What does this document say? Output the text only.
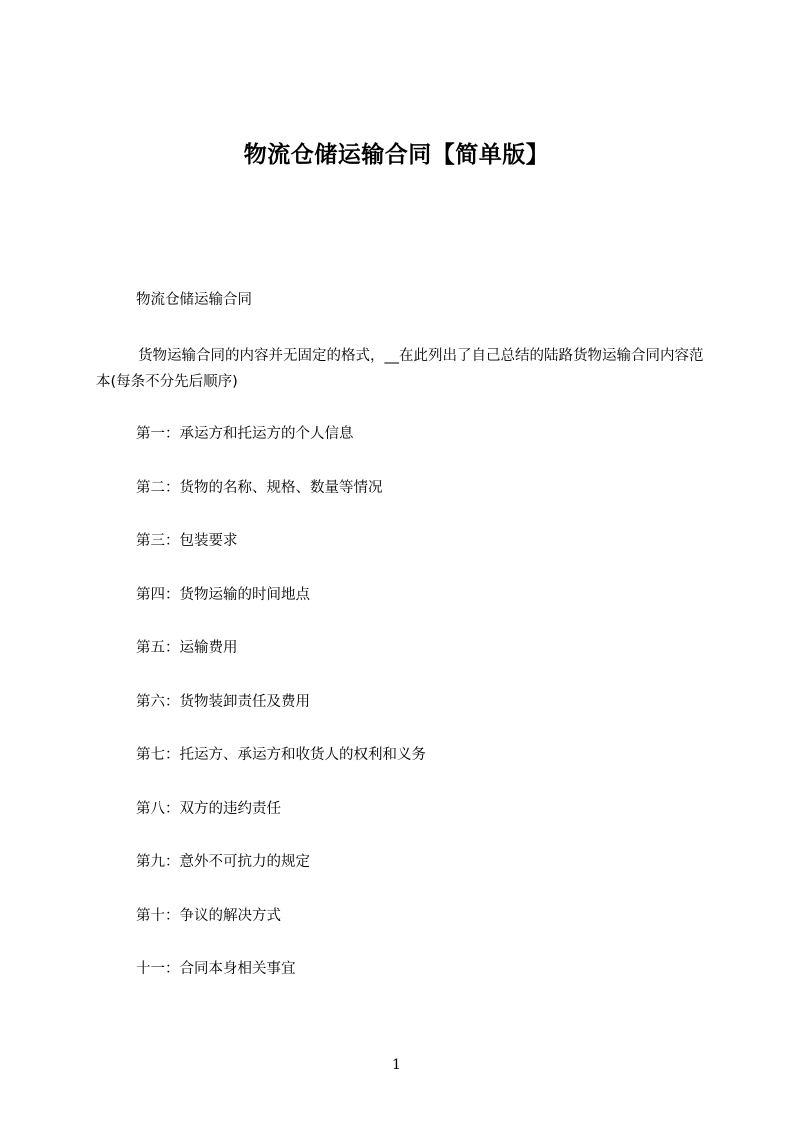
物流仓储运输合同【简单版】
物流仓储运输合同
货物运输合同的内容并无固定的格式，__在此列出了自己总结的陆路货物运输合同内容范本(每条不分先后顺序)
第一：承运方和托运方的个人信息
第二：货物的名称、规格、数量等情况
第三：包装要求
第四：货物运输的时间地点
第五：运输费用
第六：货物装卸责任及费用
第七：托运方、承运方和收货人的权利和义务
第八：双方的违约责任
第九：意外不可抗力的规定
第十：争议的解决方式
十一：合同本身相关事宜
1
